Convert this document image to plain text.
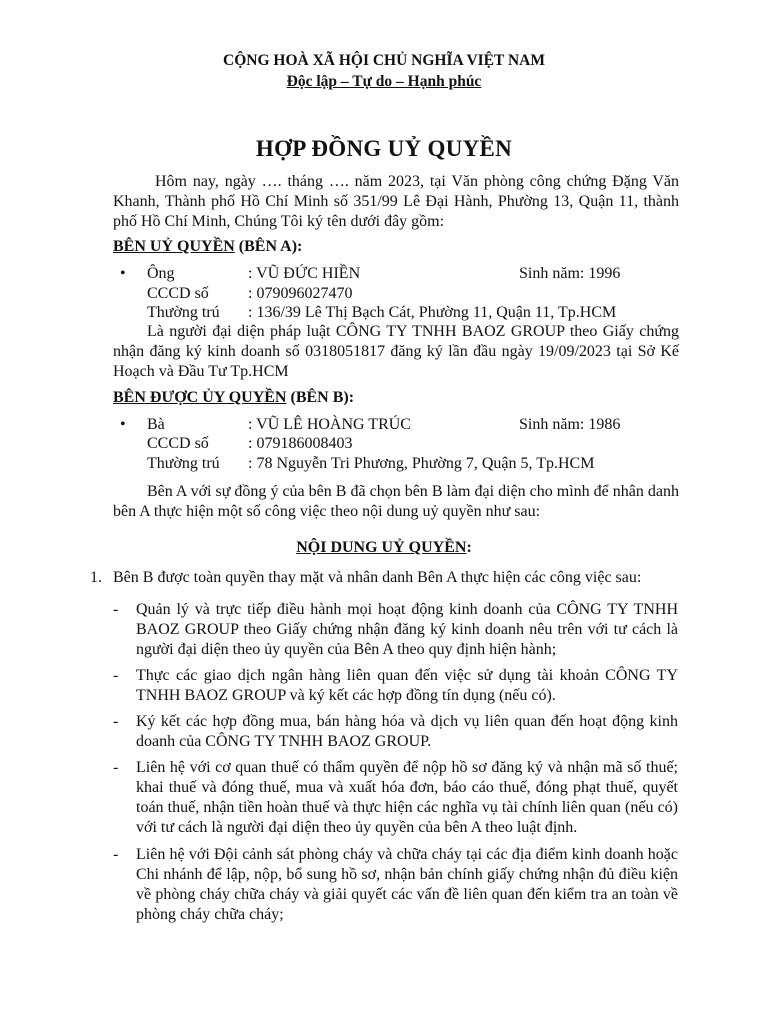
CỘNG HOÀ XÃ HỘI CHỦ NGHĨA VIỆT NAM
Độc lập – Tự do – Hạnh phúc
HỢP ĐỒNG UỶ QUYỀN
Hôm nay, ngày …. tháng …. năm 2023, tại Văn phòng công chứng Đặng Văn Khanh, Thành phố Hồ Chí Minh số 351/99 Lê Đại Hành, Phường 13, Quận 11, thành phố Hồ Chí Minh, Chúng Tôi ký tên dưới đây gồm:
BÊN UỶ QUYỀN (BÊN A):
• Ông	: VŨ ĐỨC HIỀN	Sinh năm: 1996
CCCD số : 079096027470
Thường trú : 136/39 Lê Thị Bạch Cát, Phường 11, Quận 11, Tp.HCM
Là người đại diện pháp luật CÔNG TY TNHH BAOZ GROUP theo Giấy chứng nhận đăng ký kinh doanh số 0318051817 đăng ký lần đầu ngày 19/09/2023 tại Sở Kế Hoạch và Đầu Tư Tp.HCM
BÊN ĐƯỢC ỦY QUYỀN (BÊN B):
• Bà	: VŨ LÊ HOÀNG TRÚC	Sinh năm: 1986
CCCD số : 079186008403
Thường trú : 78 Nguyễn Tri Phương, Phường 7, Quận 5, Tp.HCM
Bên A với sự đồng ý của bên B đã chọn bên B làm đại diện cho mình để nhân danh bên A thực hiện một số công việc theo nội dung uỷ quyền như sau:
NỘI DUNG UỶ QUYỀN:
1. Bên B được toàn quyền thay mặt và nhân danh Bên A thực hiện các công việc sau:
- Quản lý và trực tiếp điều hành mọi hoạt động kinh doanh của CÔNG TY TNHH BAOZ GROUP theo Giấy chứng nhận đăng ký kinh doanh nêu trên với tư cách là người đại diện theo ủy quyền của Bên A theo quy định hiện hành;
- Thực các giao dịch ngân hàng liên quan đến việc sử dụng tài khoản CÔNG TY TNHH BAOZ GROUP và ký kết các hợp đồng tín dụng (nếu có).
- Ký kết các hợp đồng mua, bán hàng hóa và dịch vụ liên quan đến hoạt động kinh doanh của CÔNG TY TNHH BAOZ GROUP.
- Liên hệ với cơ quan thuế có thẩm quyền để nộp hồ sơ đăng ký và nhận mã số thuế; khai thuế và đóng thuế, mua và xuất hóa đơn, báo cáo thuế, đóng phạt thuế, quyết toán thuế, nhận tiền hoàn thuế và thực hiện các nghĩa vụ tài chính liên quan (nếu có) với tư cách là người đại diện theo ủy quyền của bên A theo luật định.
- Liên hệ với Đội cảnh sát phòng cháy và chữa cháy tại các địa điểm kinh doanh hoặc Chi nhánh để lập, nộp, bổ sung hồ sơ, nhận bản chính giấy chứng nhận đủ điều kiện về phòng cháy chữa cháy và giải quyết các vấn đề liên quan đến kiểm tra an toàn về phòng cháy chữa cháy;
